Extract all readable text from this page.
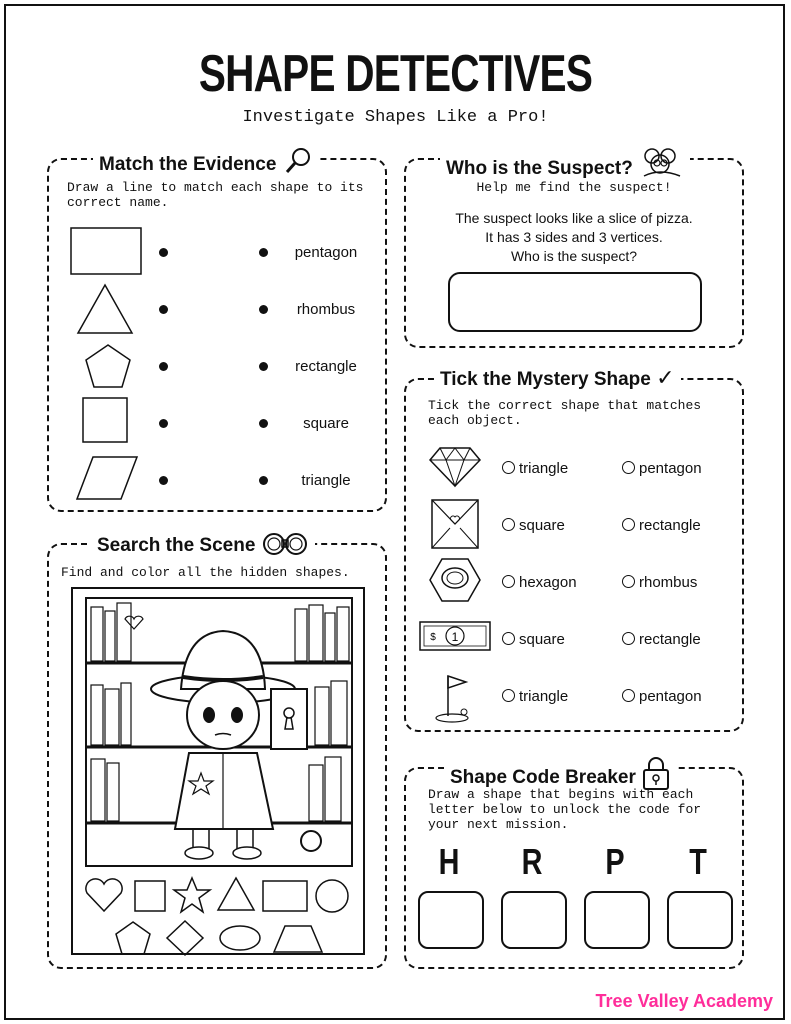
SHAPE DETECTIVES
Investigate Shapes Like a Pro!
Match the Evidence
Draw a line to match each shape to its correct name.
pentagon
rhombus
rectangle
square
triangle
Who is the Suspect?
Help me find the suspect!
The suspect looks like a slice of pizza.
It has 3 sides and 3 vertices.
Who is the suspect?
Tick the Mystery Shape ✓
Tick the correct shape that matches each object.
1
$
triangle	pentagon
square	rectangle
hexagon	rhombus
square	rectangle
triangle	pentagon
Search the Scene
Find and color all the hidden shapes.
Shape Code Breaker
Draw a shape that begins with each letter below to unlock the code for your next mission.
H	R	P	T
Tree Valley Academy
